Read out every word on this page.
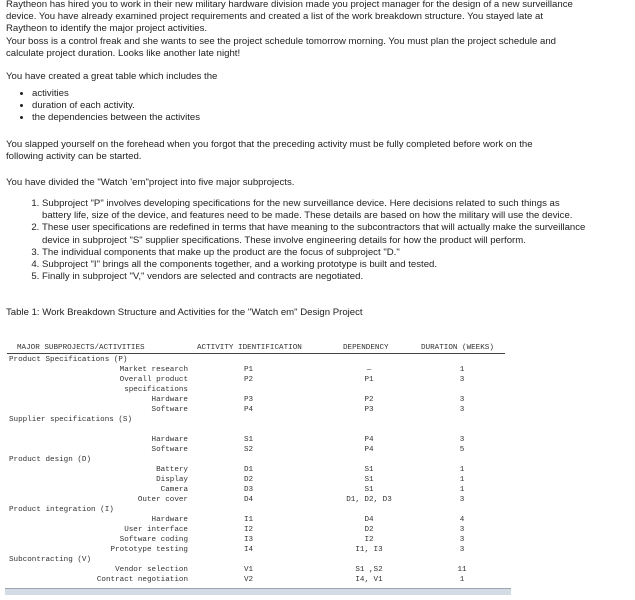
Raytheon has hired you to work in their new military hardware division made you project manager for the design of a new surveillance
device. You have already examined project requirements and created a list of the work breakdown structure. You stayed late at
Raytheon to identify the major project activities.
Your boss is a control freak and she wants to see the project schedule tomorrow morning. You must plan the project schedule and
calculate project duration. Looks like another late night!

You have created a great table which includes the

• activities
• duration of each activity.
• the dependencies between the activites
You slapped yourself on the forehead when you forgot that the preceding activity must be fully completed before work on the
following activity can be started.

You have divided the "Watch 'em"project into five major subprojects.

1. Subproject "P" involves developing specifications for the new surveillance device. Here decisions related to such things as
battery life, size of the device, and features need to be made. These details are based on how the military will use the device.
2. These user specifications are redefined in terms that have meaning to the subcontractors that will actually make the surveillance
device in subproject "S" supplier specifications. These involve engineering details for how the product will perform.
3. The individual components that make up the product are the focus of subproject "D."
4. Subproject "I" brings all the components together, and a working prototype is built and tested.
5. Finally in subproject "V," vendors are selected and contracts are negotiated.

Table 1: Work Breakdown Structure and Activities for the "Watch em" Design Project

MAJOR SUBPROJECTS/ACTIVITIES	ACTIVITY IDENTIFICATION	DEPENDENCY	DURATION (WEEKS)
Product Specifications (P)
Market research	P1	—	1
Overall product	P2	P1	3
specifications
Hardware	P3	P2	3
Software	P4	P3	3
Supplier specifications (S)
Hardware	S1	P4	3
Software	S2	P4	5
Product design (D)
Battery	D1	S1	1
Display	D2	S1	1
Camera	D3	S1	1
Outer cover	D4	D1, D2, D3	3
Product integration (I)
Hardware	I1	D4	4
User interface	I2	D2	3
Software coding	I3	I2	3
Prototype testing	I4	I1, I3	3
Subcontracting (V)
Vendor selection	V1	S1 ,S2	11
Contract negotiation	V2	I4, V1	1
